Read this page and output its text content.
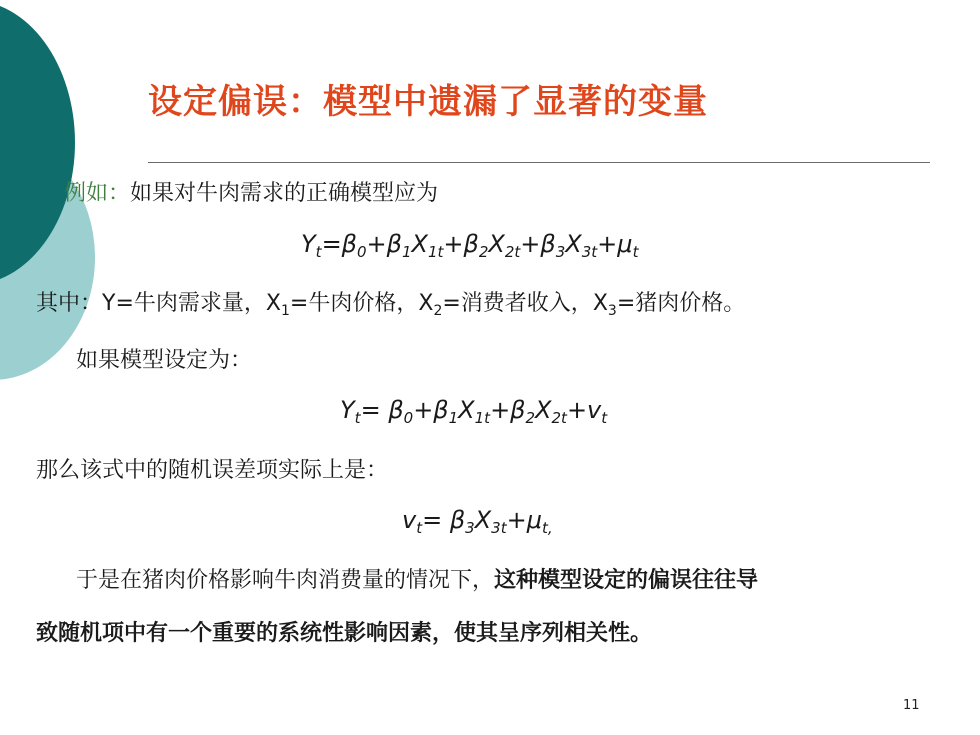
设定偏误：模型中遗漏了显著的变量
例如：如果对牛肉需求的正确模型应为
$Y_t=\beta_0+\beta_1X_{1t}+\beta_2X_{2t}+\beta_3X_{3t}+\mu_t$
其中：Y=牛肉需求量，$X_1=$牛肉价格，$X_2=$消费者收入，$X_3=$猪肉价格。
如果模型设定为：
$Y_t= \beta_0+\beta_1X_{1t}+\beta_2X_{2t}+v_t$
那么该式中的随机误差项实际上是：
$v_t= \beta_3X_{3t}+\mu_{t,}$
于是在猪肉价格影响牛肉消费量的情况下，这种模型设定的偏误往往导
致随机项中有一个重要的系统性影响因素，使其呈序列相关性。
11
